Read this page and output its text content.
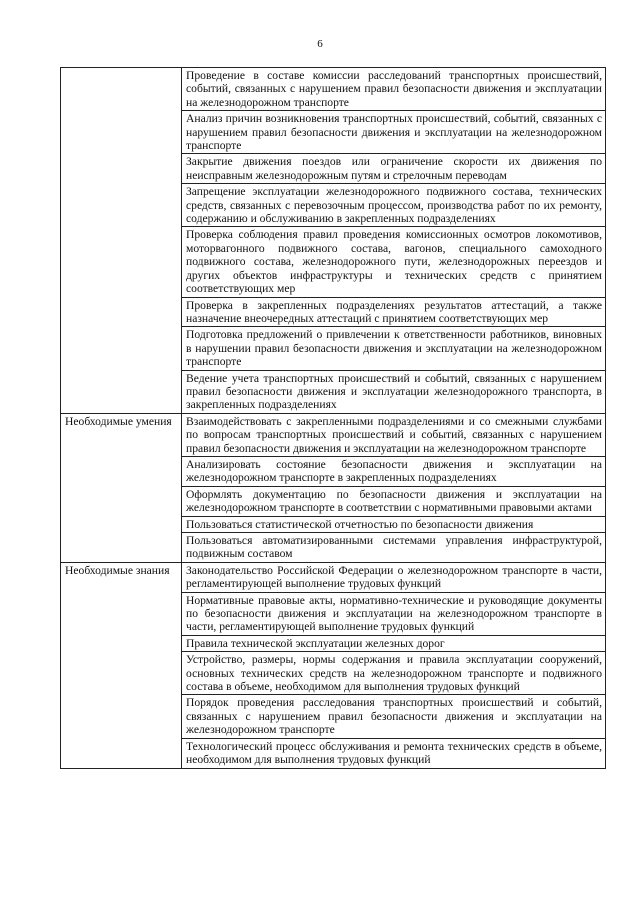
6
	Проведение в составе комиссии расследований транспортных происшествий, событий, связанных с нарушением правил безопасности движения и эксплуатации на железнодорожном транспорте
	Анализ причин возникновения транспортных происшествий, событий, связанных с нарушением правил безопасности движения и эксплуатации на железнодорожном транспорте
	Закрытие движения поездов или ограничение скорости их движения по неисправным железнодорожным путям и стрелочным переводам
	Запрещение эксплуатации железнодорожного подвижного состава, технических средств, связанных с перевозочным процессом, производства работ по их ремонту, содержанию и обслуживанию в закрепленных подразделениях
	Проверка соблюдения правил проведения комиссионных осмотров локомотивов, моторвагонного подвижного состава, вагонов, специального самоходного подвижного состава, железнодорожного пути, железнодорожных переездов и других объектов инфраструктуры и технических средств с принятием соответствующих мер
	Проверка в закрепленных подразделениях результатов аттестаций, а также назначение внеочередных аттестаций с принятием соответствующих мер
	Подготовка предложений о привлечении к ответственности работников, виновных в нарушении правил безопасности движения и эксплуатации на железнодорожном транспорте
	Ведение учета транспортных происшествий и событий, связанных с нарушением правил безопасности движения и эксплуатации железнодорожного транспорта, в закрепленных подразделениях
Необходимые умения	Взаимодействовать с закрепленными подразделениями и со смежными службами по вопросам транспортных происшествий и событий, связанных с нарушением правил безопасности движения и эксплуатации на железнодорожном транспорте
	Анализировать состояние безопасности движения и эксплуатации на железнодорожном транспорте в закрепленных подразделениях
	Оформлять документацию по безопасности движения и эксплуатации на железнодорожном транспорте в соответствии с нормативными правовыми актами
	Пользоваться статистической отчетностью по безопасности движения
	Пользоваться автоматизированными системами управления инфраструктурой, подвижным составом
Необходимые знания	Законодательство Российской Федерации о железнодорожном транспорте в части, регламентирующей выполнение трудовых функций
	Нормативные правовые акты, нормативно-технические и руководящие документы по безопасности движения и эксплуатации на железнодорожном транспорте в части, регламентирующей выполнение трудовых функций
	Правила технической эксплуатации железных дорог
	Устройство, размеры, нормы содержания и правила эксплуатации сооружений, основных технических средств на железнодорожном транспорте и подвижного состава в объеме, необходимом для выполнения трудовых функций
	Порядок проведения расследования транспортных происшествий и событий, связанных с нарушением правил безопасности движения и эксплуатации на железнодорожном транспорте
	Технологический процесс обслуживания и ремонта технических средств в объеме, необходимом для выполнения трудовых функций
